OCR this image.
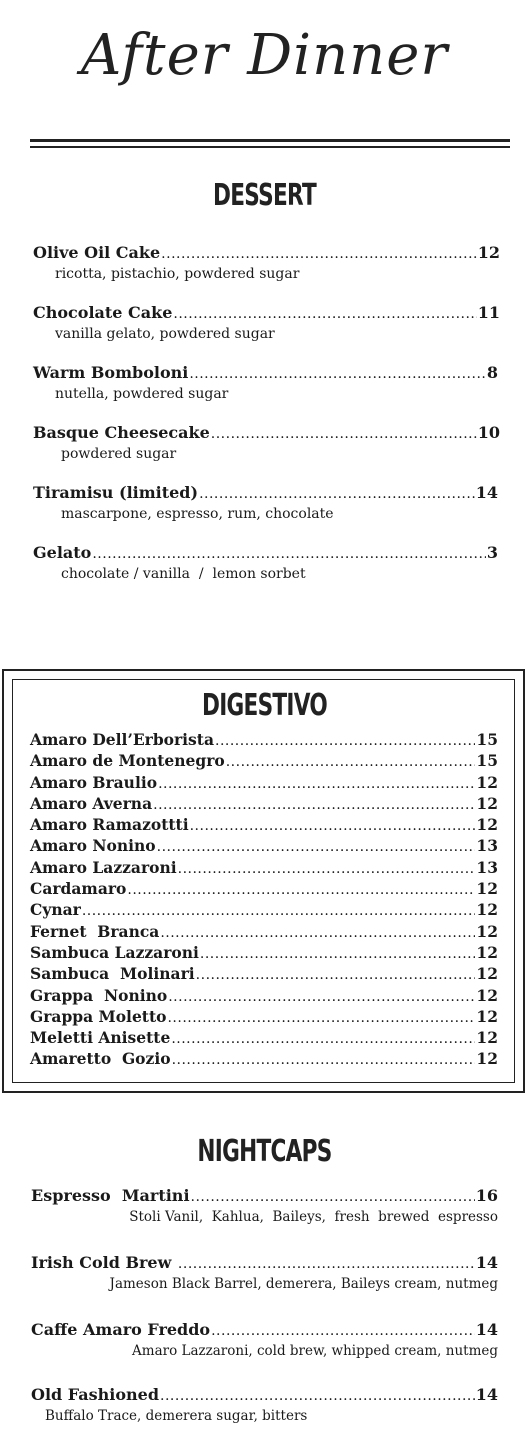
After Dinner
DESSERT
Olive Oil Cake .....	12
ricotta, pistachio, powdered sugar
Chocolate Cake .....	11
vanilla gelato, powdered sugar
Warm Bomboloni .....	8
nutella, powdered sugar
Basque Cheesecake .....	10
powdered sugar
Tiramisu (limited) .....	14
mascarpone, espresso, rum, chocolate
Gelato .....	3
chocolate / vanilla  /  lemon sorbet
DIGESTIVO
Amaro Dell’Erborista .....	15
Amaro de Montenegro .....	15
Amaro Braulio .....	12
Amaro Averna .....	12
Amaro Ramazottti .....	12
Amaro Nonino .....	13
Amaro Lazzaroni .....	13
Cardamaro .....	12
Cynar .....	12
Fernet  Branca .....	12
Sambuca Lazzaroni .....	12
Sambuca  Molinari .....	12
Grappa  Nonino .....	12
Grappa Moletto .....	12
Meletti Anisette .....	12
Amaretto  Gozio .....	12
NIGHTCAPS
Espresso  Martini .....	16
Stoli Vanil,  Kahlua,  Baileys,  fresh  brewed  espresso
Irish Cold Brew .....	14
Jameson Black Barrel, demerera, Baileys cream, nutmeg
Caffe Amaro Freddo .....	14
Amaro Lazzaroni, cold brew, whipped cream, nutmeg
Old Fashioned .....	14
Buffalo Trace, demerera sugar, bitters
